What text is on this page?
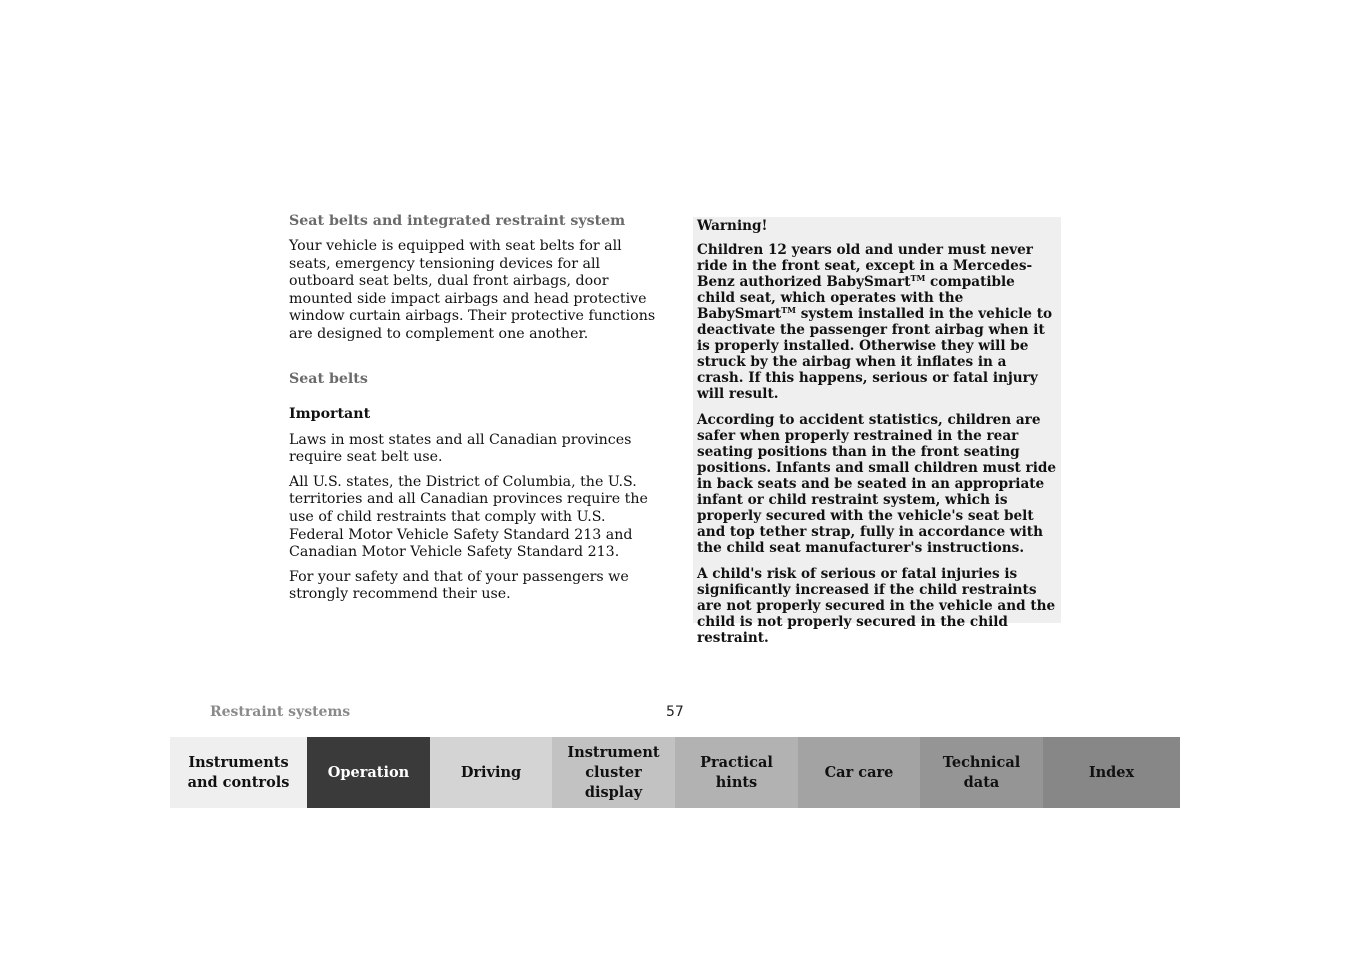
Seat belts and integrated restraint system

Your vehicle is equipped with seat belts for all seats, emergency tensioning devices for all outboard seat belts, dual front airbags, door mounted side impact airbags and head protective window curtain airbags. Their protective functions are designed to complement one another.

Seat belts
Important

Laws in most states and all Canadian provinces require seat belt use.

All U.S. states, the District of Columbia, the U.S. territories and all Canadian provinces require the use of child restraints that comply with U.S. Federal Motor Vehicle Safety Standard 213 and Canadian Motor Vehicle Safety Standard 213.

For your safety and that of your passengers we strongly recommend their use.

Warning!

Children 12 years old and under must never ride in the front seat, except in a Mercedes-Benz authorized BabySmart™ compatible child seat, which operates with the BabySmart™ system installed in the vehicle to deactivate the passenger front airbag when it is properly installed. Otherwise they will be struck by the airbag when it inflates in a crash. If this happens, serious or fatal injury will result.

According to accident statistics, children are safer when properly restrained in the rear seating positions than in the front seating positions. Infants and small children must ride in back seats and be seated in an appropriate infant or child restraint system, which is properly secured with the vehicle's seat belt and top tether strap, fully in accordance with the child seat manufacturer's instructions.

A child's risk of serious or fatal injuries is significantly increased if the child restraints are not properly secured in the vehicle and the child is not properly secured in the child restraint.

Restraint systems	57
Instruments
and controls
Operation	Driving
Instrument
cluster display
Practical hints
Car care
Technical
data
Index
